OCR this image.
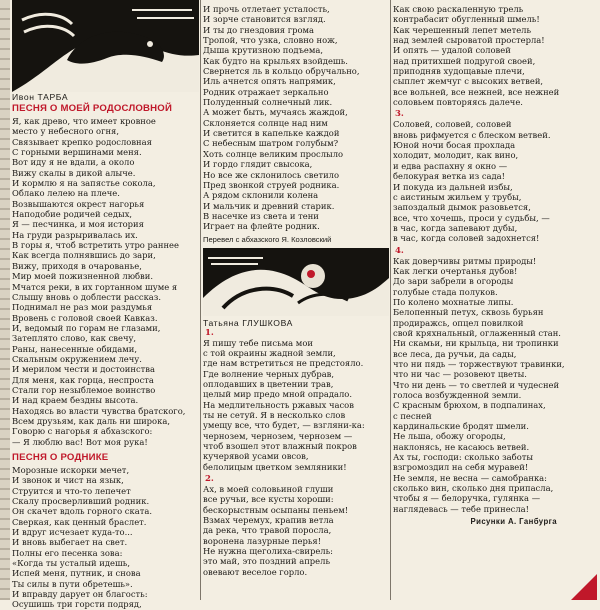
Ивон ТАРБА
ПЕСНЯ О МОЕЙ РОДОСЛОВНОЙ
Я, как древо, что имеет кровное
место у небесного огня,
Связывает крепко родословная
С горными вершинами меня.
Вот иду я не вдали, а около
Вижу скалы в дикой алыче.
И кормлю я на запястье сокола,
Облако лелею на плече.
Возвышаются окрест нагорья
Наподобие родичей седых,
Я — песчинка, и моя история
На груди разрыривалась их.
В горы я, чтоб встретить утро раннее
Как всегда полнявшись до зари,
Вижу, приходя в очарованье,
Мир моей пожизненной любви.
Мчатся реки, в их гортанном шуме я
Слышу вновь о доблести рассказ.
Поднимал не раз мои раздумья
Вровень с головой своей Кавказ.
И, ведомый по горам не глазами,
Затеплято слово, как свечу,
Раны, нанесенные обидами,
Скальным окружением лечу.
И мерилом чести и достоинства
Для меня, как горца, неспроста
Стали гор незыблемое воинство
И над краем бездны высота.
Находясь во власти чувства братского,
Всем друзьям, как даль ни широка,
Говорю с нагорья я абхазского:
— Я люблю вас! Вот моя рука!
ПЕСНЯ О РОДНИКЕ
Морозные искорки мечет,
И звонок и чист на язык,
Струится и что-то лепечет
Скалу просверливший родник.
Он скачет вдоль горного ската.
Сверкая, как ценный браслет.
И вдруг исчезает куда-то...
И вновь выбегает на свет.
Полны его песенка зова:
«Когда ты усталый идешь,
Испей меня, путник, и снова
Ты силы в пути обретешь».
И вправду дарует он благость:
Осушишь три горсти подряд,
И прочь отлетает усталость,
И зорче становится взгляд.
И ты до гнездовия грома
Тропой, что узка, словно нож,
Дыша крутизною подъема,
Как будто на крыльях взойдешь.
Свернется ль в кольцо обручально,
Иль ачнется опять напрямик,
Родник отражает зеркально
Полуденный солнечный лик.
А может быть, мучаясь жаждой,
Склоняется солнце над ним
И светится в капельке каждой
С небесным шатром голубым?
Хоть солнце великим прослыло
И гордо глядит свысока,
Но все же склонилось светило
Пред звонкой струей родника.
А рядом склонили колена
И мальчик и древний старик.
В насечке из света и тени
Играет на флейте родник.
Перевел с абхазского Я. Козловский
Татьяна ГЛУШКОВА
1.
Я пишу тебе письма мои
с той окраины жадной земли,
где нам встретиться не предстояло.
Где волнение черных дубрав,
оплодавших в цветении трав,
целый мир предо мной опрадало.
На медлительность ржавых часов
ты не сетуй. Я в несколько слов
умещу все, что будет, — взгляни-ка:
чернозем, чернозем, чернозем —
чтоб взошел этот влажный покров
кучерявой усами овсов,
белолицым цветком земляники!
2.
Ах, в моей соловьиной глуши
все ручьи, все кусты хороши:
бескорыстным осыпаны пеньем!
Взмах черемух, крапив ветла
да река, что травой поросла,
воронена лазурные перья!
Не нужна щеголиха-свирель:
это май, это поздний апрель
овевают веселое горло.
Как свою раскаленную трель
контрабасит обугленный шмель!
Как черешенный лепет метель
над землей сыроватой простерла!
И опять — удалой соловей
над притихшей подругой своей,
приподняв худощавые плечи,
сыплет жемчуг с высоких ветвей,
все вольней, все нежней, все нежней
соловьем повторяясь далече.
3.
Соловей, соловей, соловей
вновь рифмуется с блеском ветвей.
Юной ночи босая прохлада
холодит, молодит, как вино,
и едва распахну я окно —
белокурая ветка из сада!
И покуда из дальней избы,
с аистиным жильем у трубы,
запоздалый дымок разовьется,
все, что хочешь, проси у судьбы, —
в час, когда запевают дубы,
в час, когда соловей задохнется!
4.
Как доверчивы ритмы природы!
Как легки очертанья дубов!
До зари забрели в огороды
голубые стада полуков.
По колено мохнатые липы.
Белопенный петух, сквозь бурьян
продиражсь, опцел повилкой
свой кряхнальный, оглаженный стан.
Ни скамьи, ни крыльца, ни тропинки
все леса, да ручьи, да сады,
что ни пядь — торжествуют травинки,
что ни час — розовеют цветы.
Что ни день — то светлей и чудесней
голоса возбужденной земли.
С красным брюхом, в подпалинах,
с песней
кардинальские бродят шмели.
Не льша, обожу огороды,
наклонясь, не касаюсь ветвей.
Ах ты, господи: сколько заботы
взгромоздил на себя муравей!
Не земля, не весна — самобранка:
сколько вин, сколько дня припасла,
чтобы я — белоручка, гулянка —
наглядевась — тебе принесла!
Рисунки А. Ганбурга
